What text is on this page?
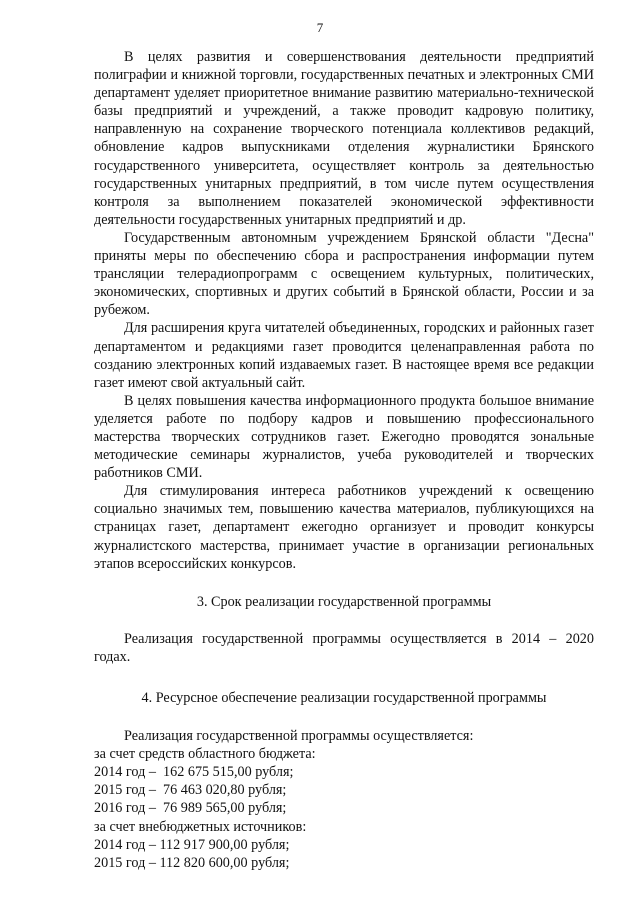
7

В целях развития и совершенствования деятельности предприятий полиграфии и книжной торговли, государственных печатных и электронных СМИ департамент уделяет приоритетное внимание развитию материально-технической базы предприятий и учреждений, а также проводит кадровую политику, направленную на сохранение творческого потенциала коллективов редакций, обновление кадров выпускниками отделения журналистики Брянского государственного университета, осуществляет контроль за деятельностью государственных унитарных предприятий, в том числе путем осуществления контроля за выполнением показателей экономической эффективности деятельности государственных унитарных предприятий и др.

Государственным автономным учреждением Брянской области "Десна" приняты меры по обеспечению сбора и распространения информации путем трансляции телерадиопрограмм с освещением культурных, политических, экономических, спортивных и других событий в Брянской области, России и за рубежом.

Для расширения круга читателей объединенных, городских и районных газет департаментом и редакциями газет проводится целенаправленная работа по созданию электронных копий издаваемых газет. В настоящее время все редакции газет имеют свой актуальный сайт.

В целях повышения качества информационного продукта большое внимание уделяется работе по подбору кадров и повышению профессионального мастерства творческих сотрудников газет. Ежегодно проводятся зональные методические семинары журналистов, учеба руководителей и творческих работников СМИ.

Для стимулирования интереса работников учреждений к освещению социально значимых тем, повышению качества материалов, публикующихся на страницах газет, департамент ежегодно организует и проводит конкурсы журналистского мастерства, принимает участие в организации региональных этапов всероссийских конкурсов.

3. Срок реализации государственной программы

Реализация государственной программы осуществляется в 2014 – 2020 годах.

4. Ресурсное обеспечение реализации государственной программы

Реализация государственной программы осуществляется:
за счет средств областного бюджета:
2014 год –  162 675 515,00 рубля;
2015 год –  76 463 020,80 рубля;
2016 год –  76 989 565,00 рубля;
за счет внебюджетных источников:
2014 год – 112 917 900,00 рубля;
2015 год – 112 820 600,00 рубля;
